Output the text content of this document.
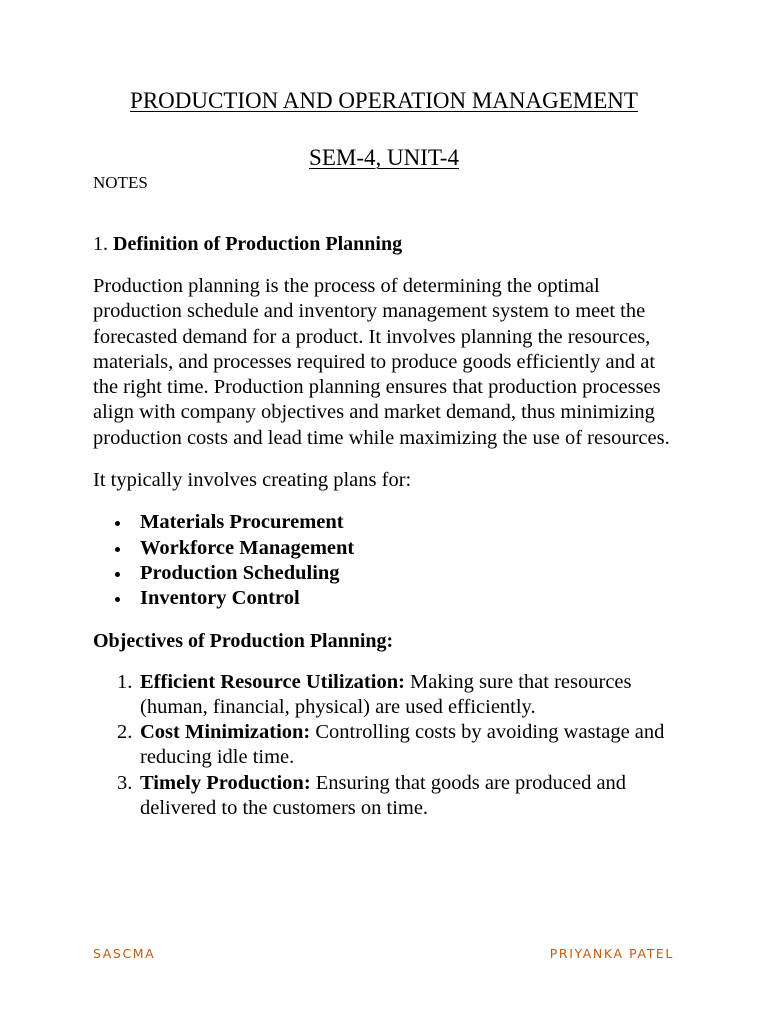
PRODUCTION AND OPERATION MANAGEMENT
SEM-4, UNIT-4
NOTES
1. Definition of Production Planning

Production planning is the process of determining the optimal production schedule and inventory management system to meet the forecasted demand for a product. It involves planning the resources, materials, and processes required to produce goods efficiently and at the right time. Production planning ensures that production processes align with company objectives and market demand, thus minimizing production costs and lead time while maximizing the use of resources.

It typically involves creating plans for:

Materials Procurement
Workforce Management
Production Scheduling
Inventory Control
Objectives of Production Planning:
1. Efficient Resource Utilization: Making sure that resources (human, financial, physical) are used efficiently.
2. Cost Minimization: Controlling costs by avoiding wastage and reducing idle time.
3. Timely Production: Ensuring that goods are produced and delivered to the customers on time.
SASCMA	PRIYANKA PATEL
